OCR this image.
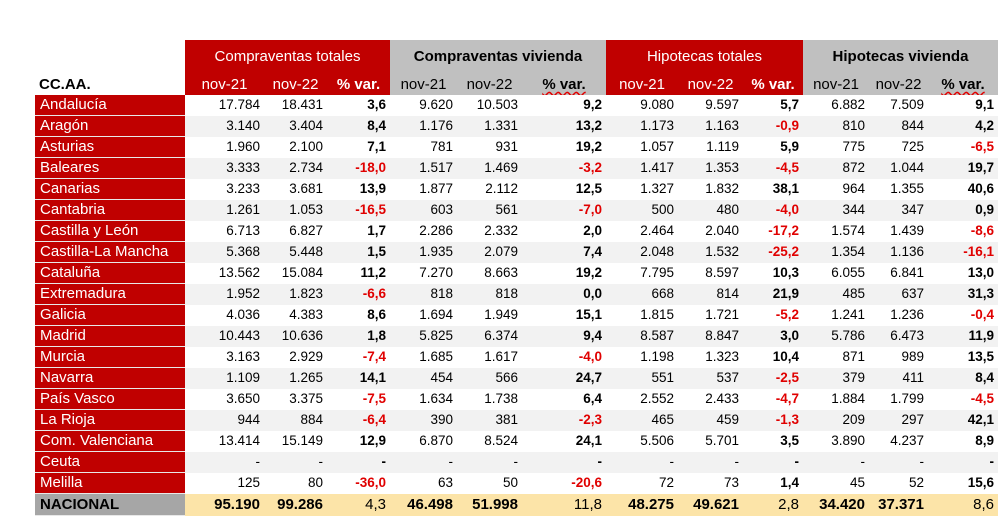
	Compraventas totales			Compraventas vivienda			Hipotecas totales			Hipotecas vivienda		
CC.AA.	nov-21	nov-22	% var.	nov-21	nov-22	% var.	nov-21	nov-22	% var.	nov-21	nov-22	% var.
Andalucía	17.784	18.431	3,6	9.620	10.503	9,2	9.080	9.597	5,7	6.882	7.509	9,1
Aragón	3.140	3.404	8,4	1.176	1.331	13,2	1.173	1.163	-0,9	810	844	4,2
Asturias	1.960	2.100	7,1	781	931	19,2	1.057	1.119	5,9	775	725	-6,5
Baleares	3.333	2.734	-18,0	1.517	1.469	-3,2	1.417	1.353	-4,5	872	1.044	19,7
Canarias	3.233	3.681	13,9	1.877	2.112	12,5	1.327	1.832	38,1	964	1.355	40,6
Cantabria	1.261	1.053	-16,5	603	561	-7,0	500	480	-4,0	344	347	0,9
Castilla y León	6.713	6.827	1,7	2.286	2.332	2,0	2.464	2.040	-17,2	1.574	1.439	-8,6
Castilla-La Mancha	5.368	5.448	1,5	1.935	2.079	7,4	2.048	1.532	-25,2	1.354	1.136	-16,1
Cataluña	13.562	15.084	11,2	7.270	8.663	19,2	7.795	8.597	10,3	6.055	6.841	13,0
Extremadura	1.952	1.823	-6,6	818	818	0,0	668	814	21,9	485	637	31,3
Galicia	4.036	4.383	8,6	1.694	1.949	15,1	1.815	1.721	-5,2	1.241	1.236	-0,4
Madrid	10.443	10.636	1,8	5.825	6.374	9,4	8.587	8.847	3,0	5.786	6.473	11,9
Murcia	3.163	2.929	-7,4	1.685	1.617	-4,0	1.198	1.323	10,4	871	989	13,5
Navarra	1.109	1.265	14,1	454	566	24,7	551	537	-2,5	379	411	8,4
País Vasco	3.650	3.375	-7,5	1.634	1.738	6,4	2.552	2.433	-4,7	1.884	1.799	-4,5
La Rioja	944	884	-6,4	390	381	-2,3	465	459	-1,3	209	297	42,1
Com. Valenciana	13.414	15.149	12,9	6.870	8.524	24,1	5.506	5.701	3,5	3.890	4.237	8,9
Ceuta	-	-	-	-	-	-	-	-	-	-	-	-
Melilla	125	80	-36,0	63	50	-20,6	72	73	1,4	45	52	15,6
NACIONAL	95.190	99.286	4,3	46.498	51.998	11,8	48.275	49.621	2,8	34.420	37.371	8,6
